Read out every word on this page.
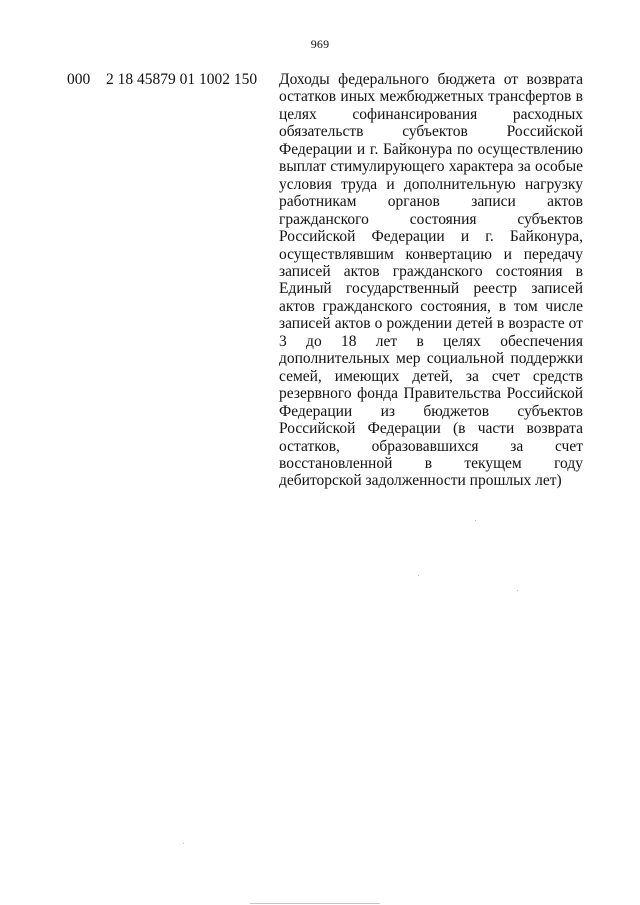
969
000 2 18 45879 01 1002 150 Доходы федерального бюджета от возврата остатков иных межбюджетных трансфертов в целях софинансирования расходных обязательств субъектов Российской Федерации и г. Байконура по осуществлению выплат стимулирующего характера за особые условия труда и дополнительную нагрузку работникам органов записи актов гражданского состояния субъектов Российской Федерации и г. Байконура, осуществлявшим конвертацию и передачу записей актов гражданского состояния в Единый государственный реестр записей актов гражданского состояния, в том числе записей актов о рождении детей в возрасте от 3 до 18 лет в целях обеспечения дополнительных мер социальной поддержки семей, имеющих детей, за счет средств резервного фонда Правительства Российской Федерации из бюджетов субъектов Российской Федерации (в части возврата остатков, образовавшихся за счет восстановленной в текущем году дебиторской задолженности прошлых лет)
